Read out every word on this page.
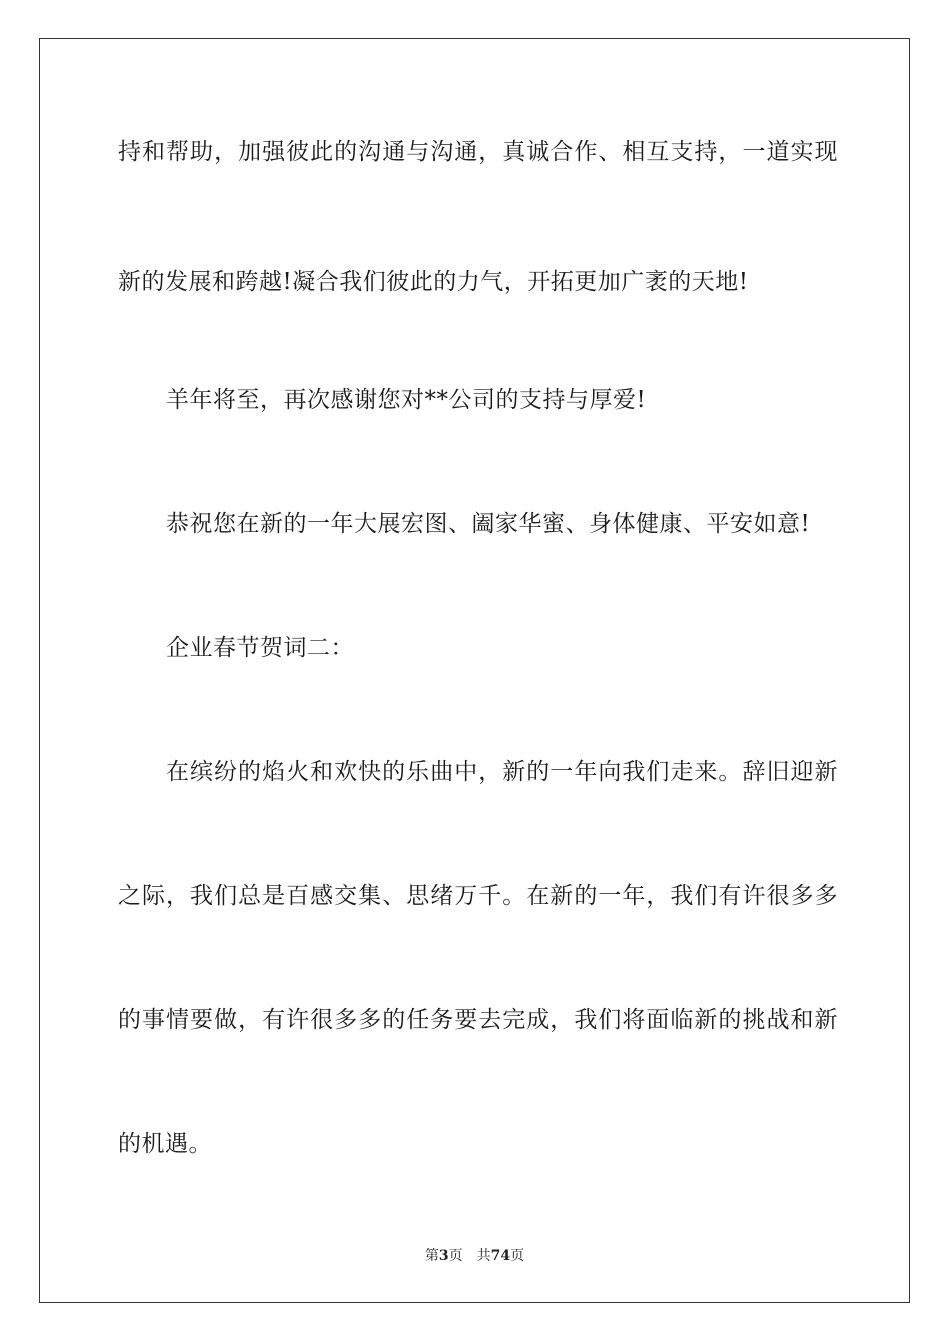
持和帮助，加强彼此的沟通与沟通，真诚合作、相互支持，一道实现
新的发展和跨越!凝合我们彼此的力气，开拓更加广袤的天地!
羊年将至，再次感谢您对**公司的支持与厚爱!
恭祝您在新的一年大展宏图、阖家华蜜、身体健康、平安如意!
企业春节贺词二：
在缤纷的焰火和欢快的乐曲中，新的一年向我们走来。辞旧迎新
之际，我们总是百感交集、思绪万千。在新的一年，我们有许很多多
的事情要做，有许很多多的任务要去完成，我们将面临新的挑战和新
的机遇。
第3页 共74页
